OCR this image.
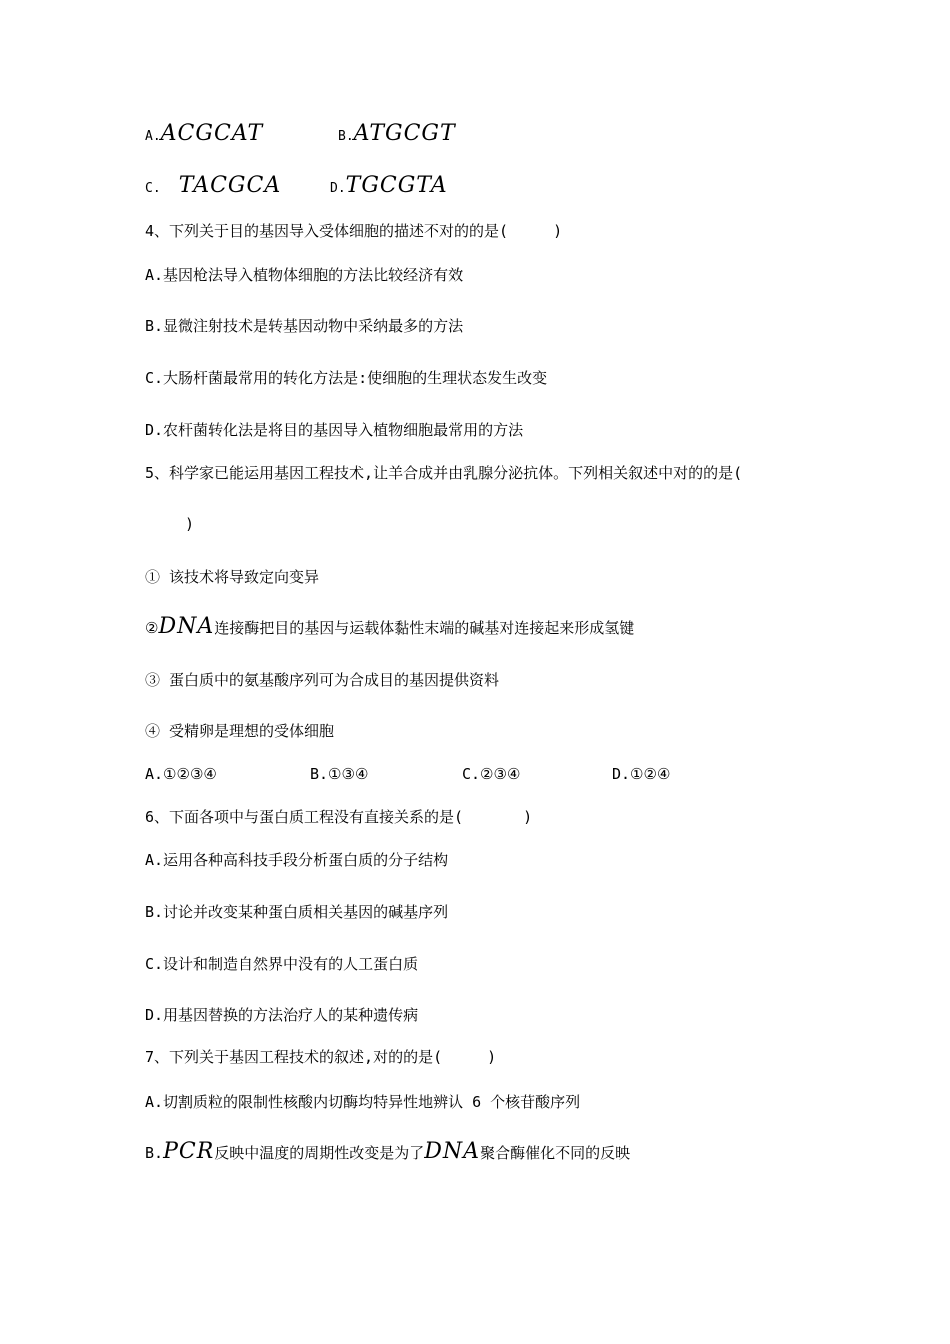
A.ACGCAT	B.ATGCGT
C. TACGCA	D.TGCGTA
4、下列关于目的基因导入受体细胞的描述不对的的是(　　　)
A.基因枪法导入植物体细胞的方法比较经济有效
B.显微注射技术是转基因动物中采纳最多的方法
C.大肠杆菌最常用的转化方法是:使细胞的生理状态发生改变
D.农杆菌转化法是将目的基因导入植物细胞最常用的方法
5、科学家已能运用基因工程技术,让羊合成并由乳腺分泌抗体。下列相关叙述中对的的是(
)
① 该技术将导致定向变异
②DNA连接酶把目的基因与运载体黏性末端的碱基对连接起来形成氢键
③ 蛋白质中的氨基酸序列可为合成目的基因提供资料
④ 受精卵是理想的受体细胞
A.①②③④	B.①③④	C.②③④	D.①②④
6、下面各项中与蛋白质工程没有直接关系的是(　　　　)
A.运用各种高科技手段分析蛋白质的分子结构
B.讨论并改变某种蛋白质相关基因的碱基序列
C.设计和制造自然界中没有的人工蛋白质
D.用基因替换的方法治疗人的某种遗传病
7、下列关于基因工程技术的叙述,对的的是(　　　)
A.切割质粒的限制性核酸内切酶均特异性地辨认 6 个核苷酸序列
B.PCR反映中温度的周期性改变是为了DNA聚合酶催化不同的反映
